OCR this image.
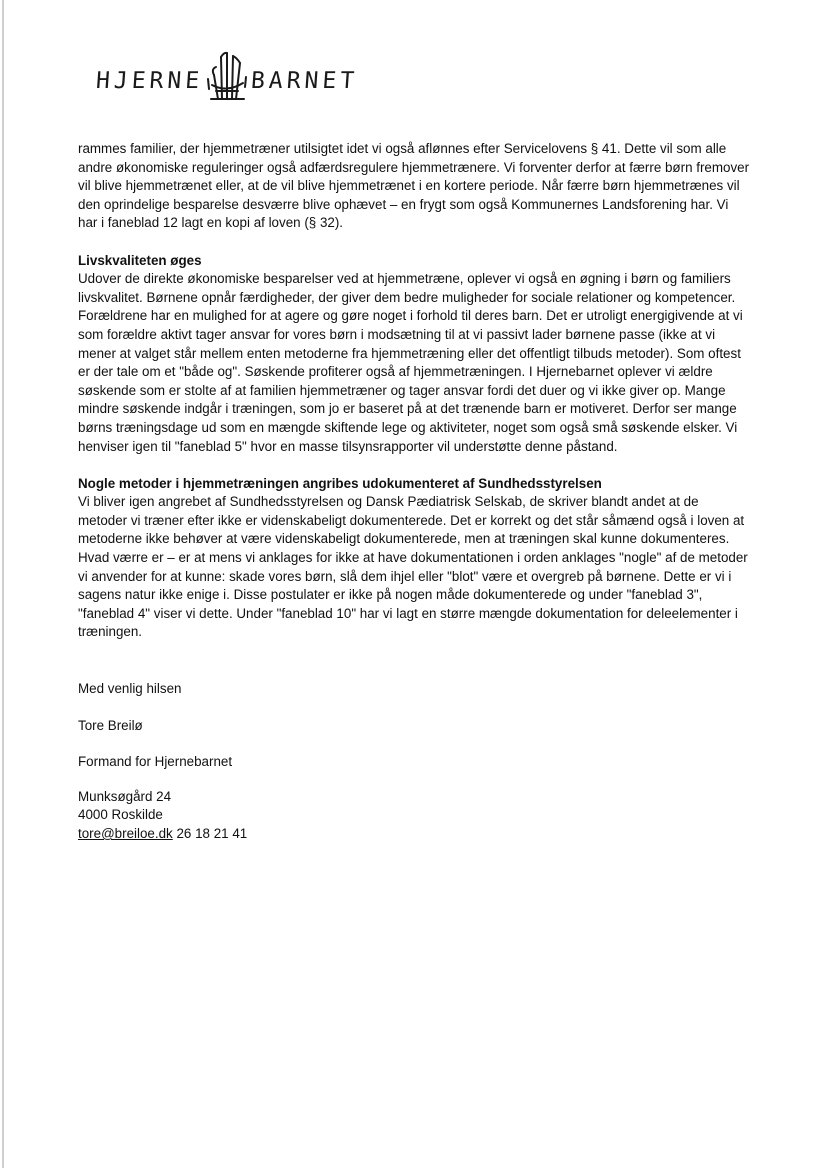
HJERNE BARNET

rammes familier, der hjemmetræner utilsigtet idet vi også aflønnes efter Servicelovens § 41. Dette vil som alle andre økonomiske reguleringer også adfærdsregulere hjemmetrænere. Vi forventer derfor at færre børn fremover vil blive hjemmetrænet eller, at de vil blive hjemmetrænet i en kortere periode. Når færre børn hjemmetrænes vil den oprindelige besparelse desværre blive ophævet – en frygt som også Kommunernes Landsforening har. Vi har i faneblad 12 lagt en kopi af loven (§ 32).

Livskvaliteten øges

Udover de direkte økonomiske besparelser ved at hjemmetræne, oplever vi også en øgning i børn og familiers livskvalitet. Børnene opnår færdigheder, der giver dem bedre muligheder for sociale relationer og kompetencer. Forældrene har en mulighed for at agere og gøre noget i forhold til deres barn. Det er utroligt energigivende at vi som forældre aktivt tager ansvar for vores børn i modsætning til at vi passivt lader børnene passe (ikke at vi mener at valget står mellem enten metoderne fra hjemmetræning eller det offentligt tilbuds metoder). Som oftest er der tale om et "både og". Søskende profiterer også af hjemmetræningen. I Hjernebarnet oplever vi ældre søskende som er stolte af at familien hjemmetræner og tager ansvar fordi det duer og vi ikke giver op. Mange mindre søskende indgår i træningen, som jo er baseret på at det trænende barn er motiveret. Derfor ser mange børns træningsdage ud som en mængde skiftende lege og aktiviteter, noget som også små søskende elsker. Vi henviser igen til "faneblad 5" hvor en masse tilsynsrapporter vil understøtte denne påstand.

Nogle metoder i hjemmetræningen angribes udokumenteret af Sundhedsstyrelsen

Vi bliver igen angrebet af Sundhedsstyrelsen og Dansk Pædiatrisk Selskab, de skriver blandt andet at de metoder vi træner efter ikke er videnskabeligt dokumenterede. Det er korrekt og det står såmænd også i loven at metoderne ikke behøver at være videnskabeligt dokumenterede, men at træningen skal kunne dokumenteres. Hvad værre er – er at mens vi anklages for ikke at have dokumentationen i orden anklages "nogle" af de metoder vi anvender for at kunne: skade vores børn, slå dem ihjel eller "blot" være et overgreb på børnene. Dette er vi i sagens natur ikke enige i. Disse postulater er ikke på nogen måde dokumenterede og under "faneblad 3", "faneblad 4" viser vi dette. Under "faneblad 10" har vi lagt en større mængde dokumentation for deleelementer i træningen.

Med venlig hilsen

Tore Breilø

Formand for Hjernebarnet

Munksøgård 24

4000 Roskilde

tore@breiloe.dk 26 18 21 41
